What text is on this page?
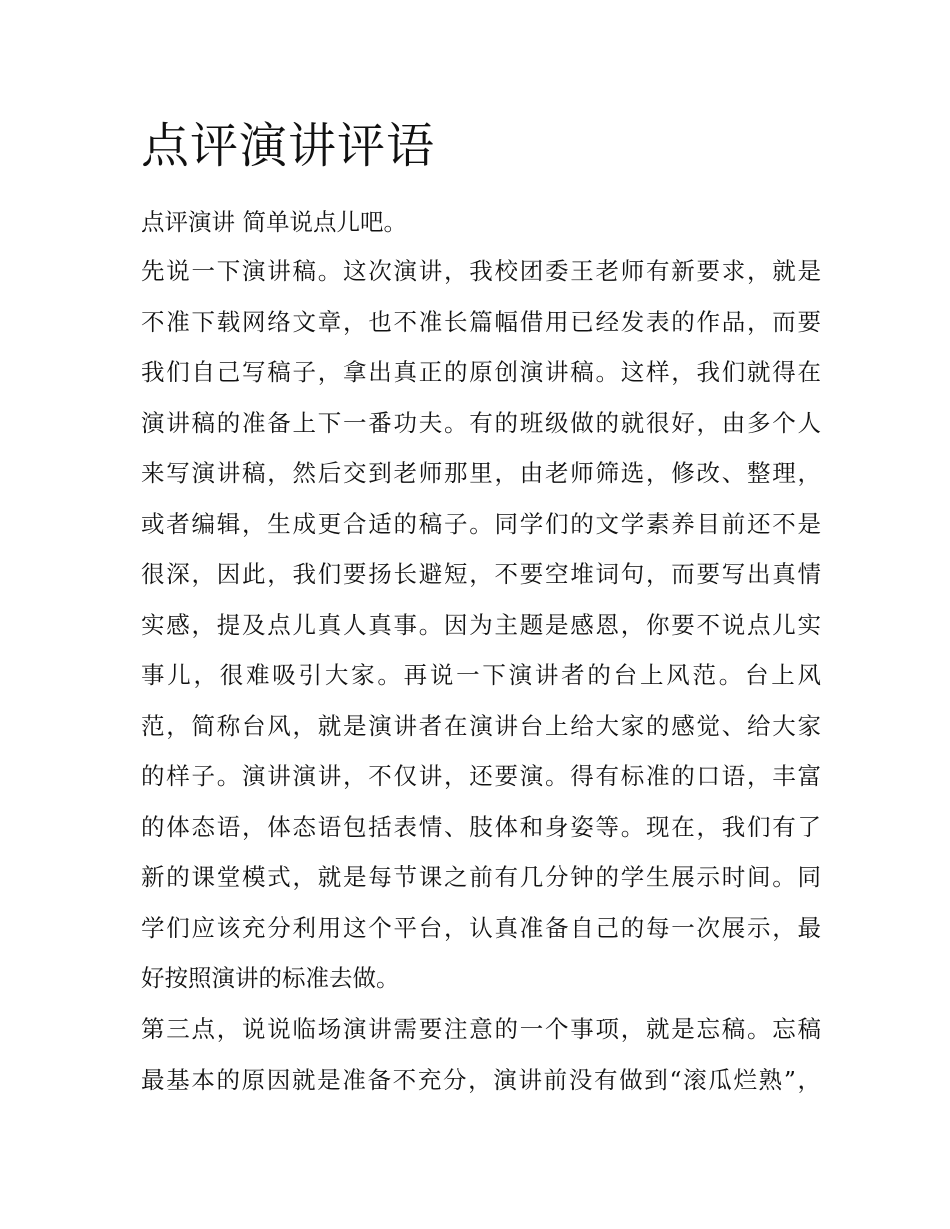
点评演讲评语

点评演讲 简单说点儿吧。

先说一下演讲稿。这次演讲，我校团委王老师有新要求，就是
不准下载网络文章，也不准长篇幅借用已经发表的作品，而要
我们自己写稿子，拿出真正的原创演讲稿。这样，我们就得在
演讲稿的准备上下一番功夫。有的班级做的就很好，由多个人
来写演讲稿，然后交到老师那里，由老师筛选，修改、整理，
或者编辑，生成更合适的稿子。同学们的文学素养目前还不是
很深，因此，我们要扬长避短，不要空堆词句，而要写出真情
实感，提及点儿真人真事。因为主题是感恩，你要不说点儿实
事儿，很难吸引大家。再说一下演讲者的台上风范。台上风
范，简称台风，就是演讲者在演讲台上给大家的感觉、给大家
的样子。演讲演讲，不仅讲，还要演。得有标准的口语，丰富
的体态语，体态语包括表情、肢体和身姿等。现在，我们有了
新的课堂模式，就是每节课之前有几分钟的学生展示时间。同
学们应该充分利用这个平台，认真准备自己的每一次展示，最
好按照演讲的标准去做。
第三点，说说临场演讲需要注意的一个事项，就是忘稿。忘稿
最基本的原因就是准备不充分，演讲前没有做到“滚瓜烂熟”，
